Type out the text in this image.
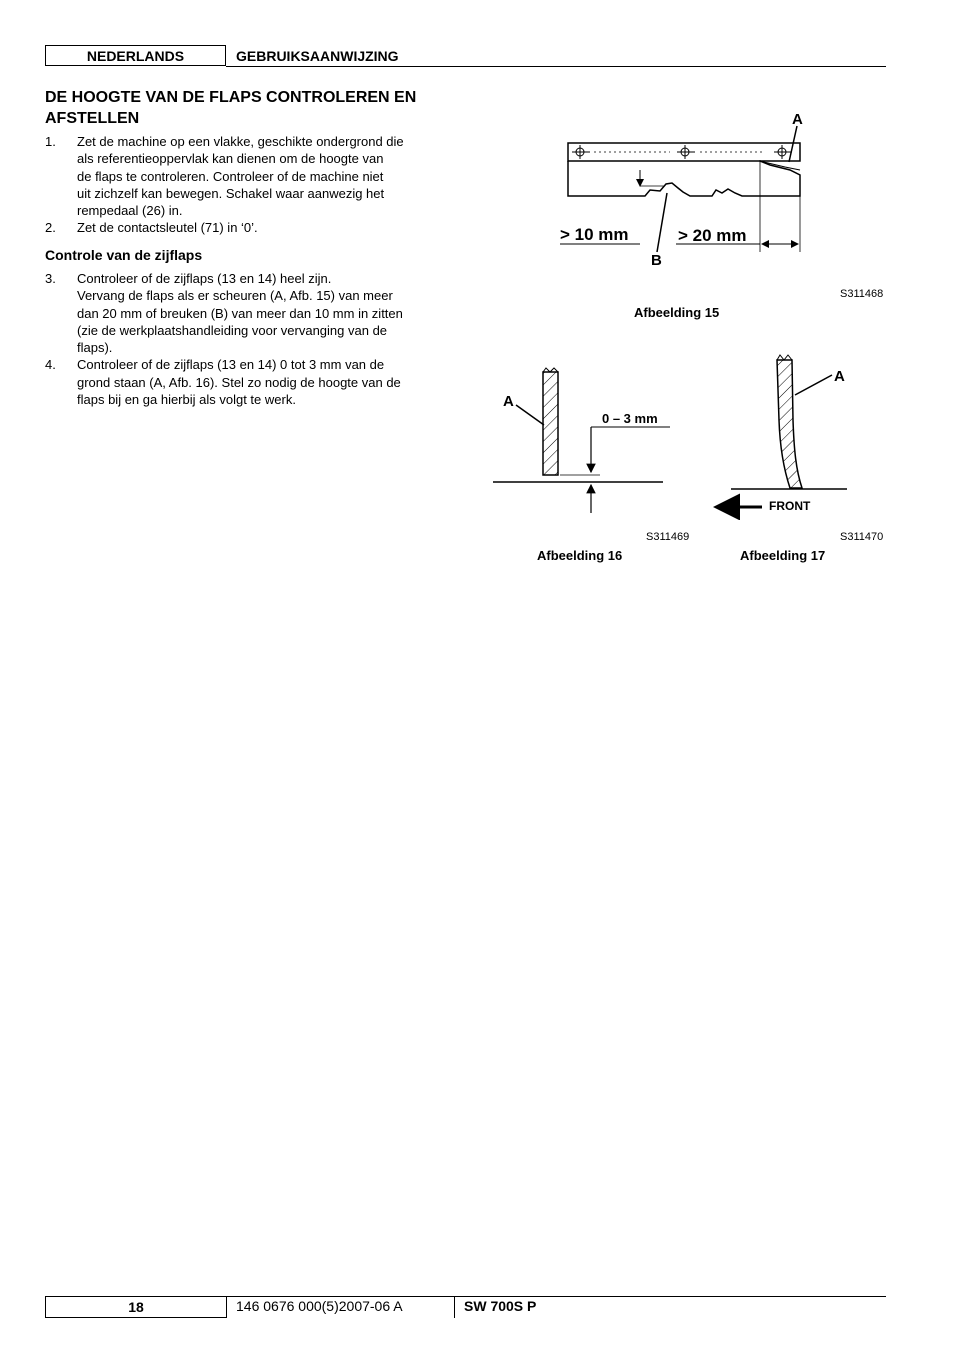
NEDERLANDS	GEBRUIKSAANWIJZING
DE HOOGTE VAN DE FLAPS CONTROLEREN EN AFSTELLEN
1. Zet de machine op een vlakke, geschikte ondergrond die
als referentieoppervlak kan dienen om de hoogte van
de flaps te controleren. Controleer of de machine niet
uit zichzelf kan bewegen. Schakel waar aanwezig het
rempedaal (26) in.
2. Zet de contactsleutel (71) in ‘0’.
Controle van de zijflaps
3. Controleer of de zijflaps (13 en 14) heel zijn.
Vervang de flaps als er scheuren (A, Afb. 15) van meer
dan 20 mm of breuken (B) van meer dan 10 mm in zitten
(zie de werkplaatshandleiding voor vervanging van de
flaps).
4. Controleer of de zijflaps (13 en 14) 0 tot 3 mm van de
grond staan (A, Afb. 16). Stel zo nodig de hoogte van de
flaps bij en ga hierbij als volgt te werk.
A
B
> 10 mm	> 20 mm
S311468
Afbeelding 15
A
0 – 3 mm
S311469
Afbeelding 16
A
FRONT
S311470
Afbeelding 17
18	146 0676 000(5)2007-06 A	SW 700S P
